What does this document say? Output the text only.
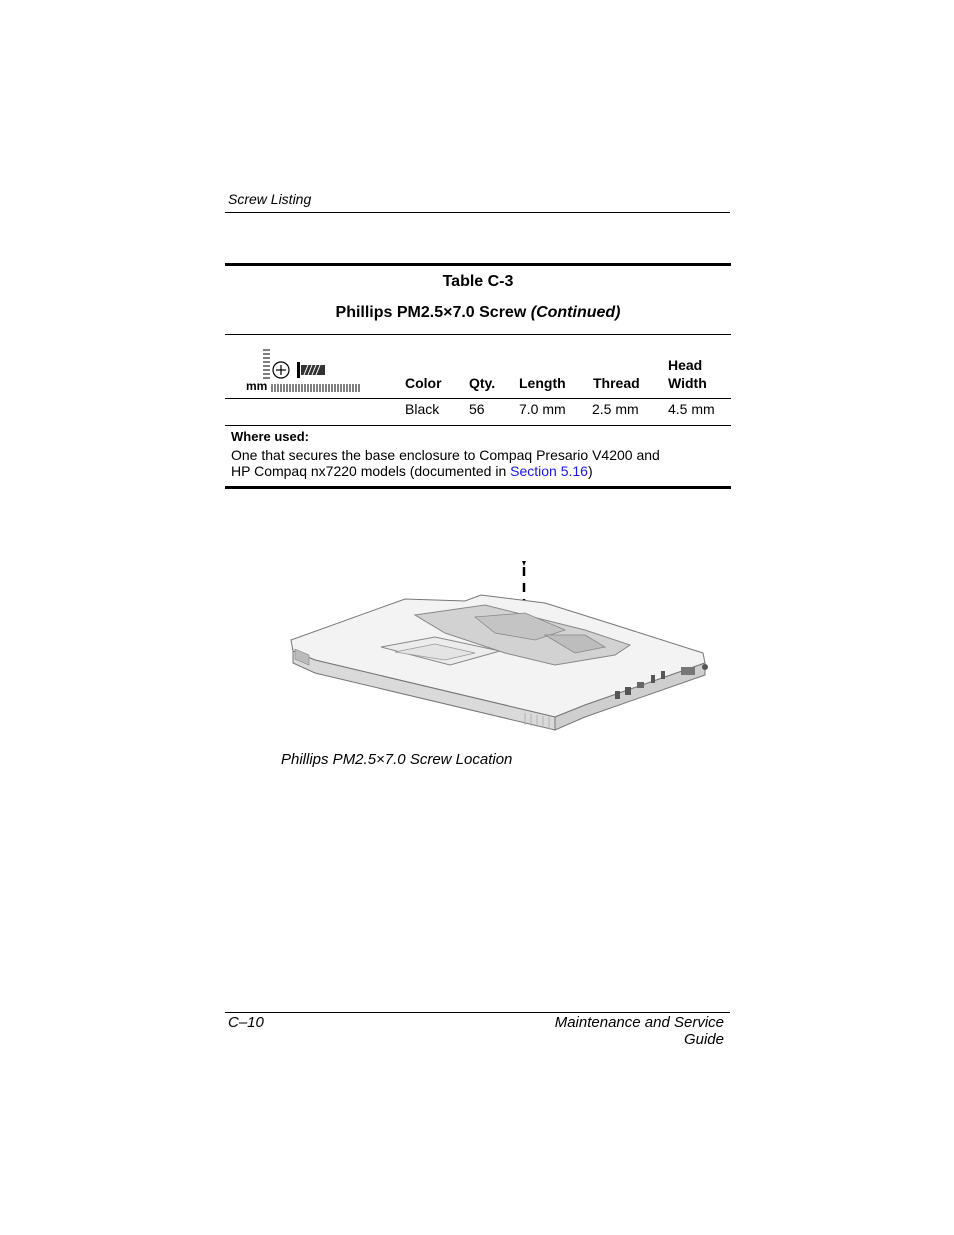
Screw Listing
Table C-3
Phillips PM2.5×7.0 Screw (Continued)
mm	Color Qty. Length Thread
Head
Width
Black 56 7.0 mm 2.5 mm 4.5 mm
Where used:
One that secures the base enclosure to Compaq Presario V4200 and
HP Compaq nx7220 models (documented in Section 5.16)
Phillips PM2.5×7.0 Screw Location
C–10	Maintenance and Service Guide
